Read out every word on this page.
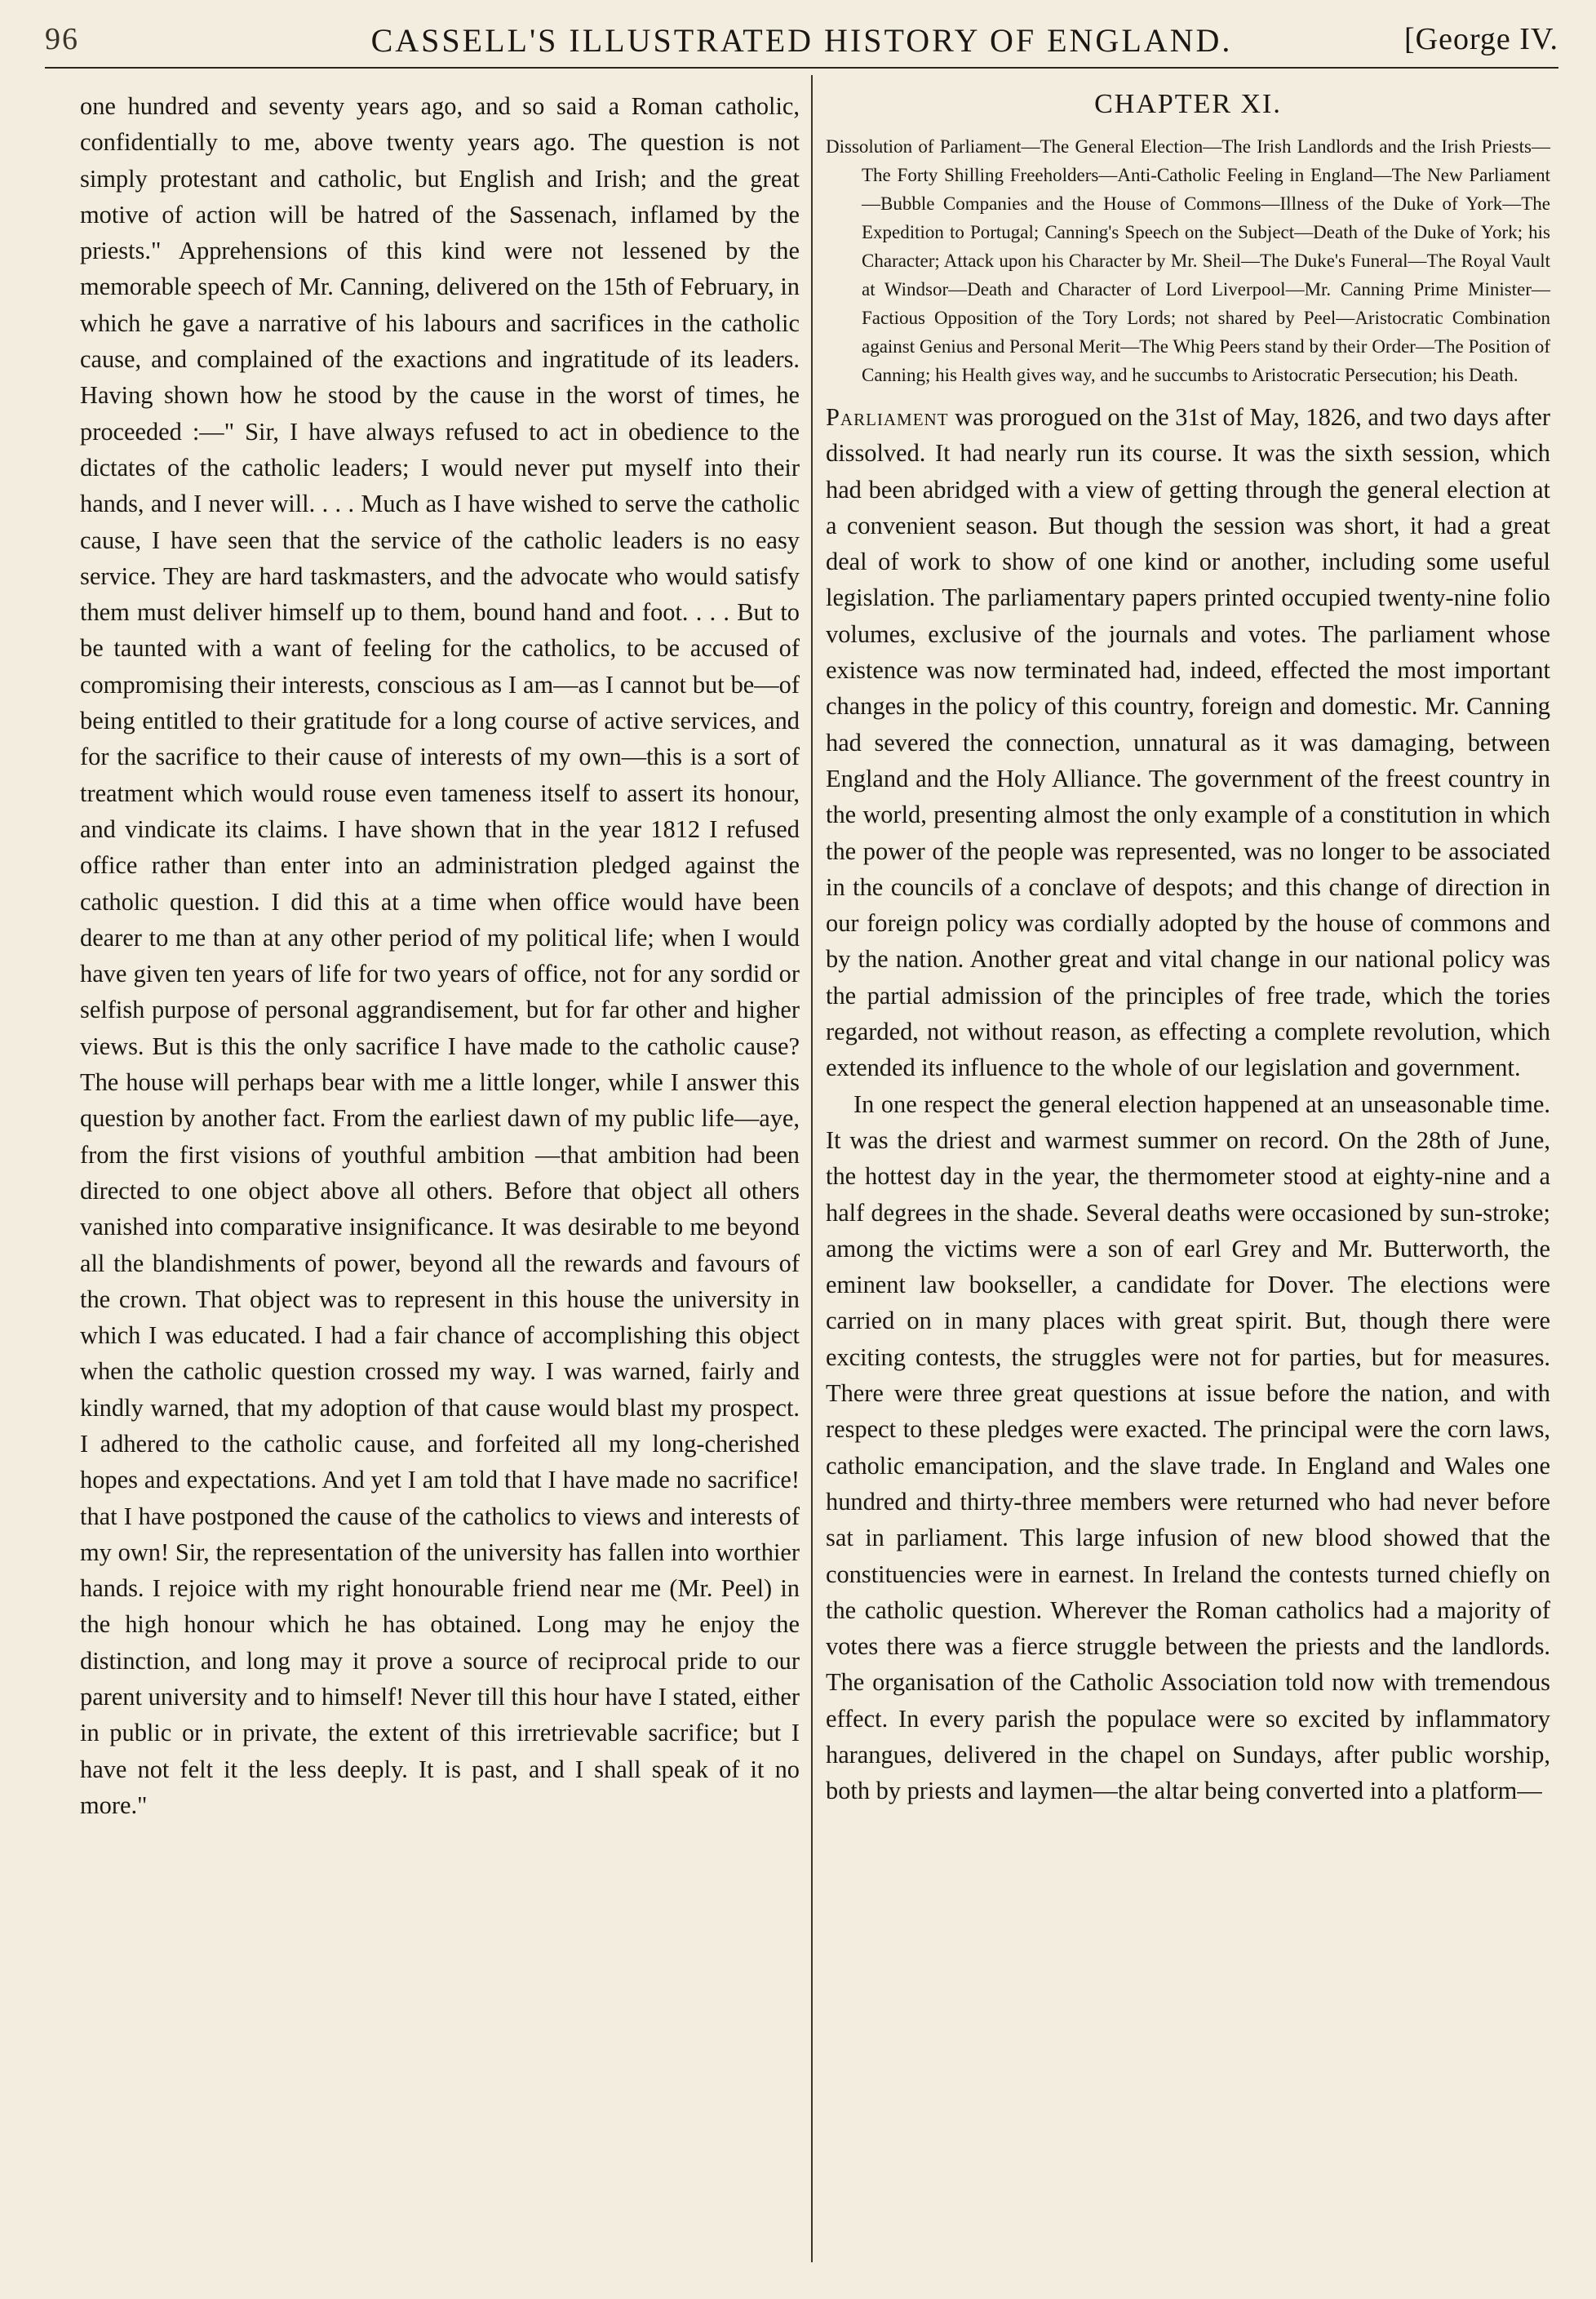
96	CASSELL'S ILLUSTRATED HISTORY OF ENGLAND.	[George IV.

one hundred and seventy years ago, and so said a Roman catholic, confidentially to me, above twenty years ago. The question is not simply protestant and catholic, but English and Irish; and the great motive of action will be hatred of the Sassenach, inflamed by the priests." Apprehensions of this kind were not lessened by the memorable speech of Mr. Canning, delivered on the 15th of February, in which he gave a narrative of his labours and sacrifices in the catholic cause, and complained of the exactions and ingratitude of its leaders. Having shown how he stood by the cause in the worst of times, he proceeded :—" Sir, I have always refused to act in obedience to the dictates of the catholic leaders; I would never put myself into their hands, and I never will. . . . Much as I have wished to serve the catholic cause, I have seen that the service of the catholic leaders is no easy service. They are hard taskmasters, and the advocate who would satisfy them must deliver himself up to them, bound hand and foot. . . . But to be taunted with a want of feeling for the catholics, to be accused of compromising their interests, conscious as I am—as I cannot but be—of being entitled to their gratitude for a long course of active services, and for the sacrifice to their cause of interests of my own—this is a sort of treatment which would rouse even tameness itself to assert its honour, and vindicate its claims. I have shown that in the year 1812 I refused office rather than enter into an administration pledged against the catholic question. I did this at a time when office would have been dearer to me than at any other period of my political life; when I would have given ten years of life for two years of office, not for any sordid or selfish purpose of personal aggrandisement, but for far other and higher views. But is this the only sacrifice I have made to the catholic cause? The house will perhaps bear with me a little longer, while I answer this question by another fact. From the earliest dawn of my public life—aye, from the first visions of youthful ambition —that ambition had been directed to one object above all others. Before that object all others vanished into comparative insignificance. It was desirable to me beyond all the blandishments of power, beyond all the rewards and favours of the crown. That object was to represent in this house the university in which I was educated. I had a fair chance of accomplishing this object when the catholic question crossed my way. I was warned, fairly and kindly warned, that my adoption of that cause would blast my prospect. I adhered to the catholic cause, and forfeited all my long-cherished hopes and expectations. And yet I am told that I have made no sacrifice! that I have postponed the cause of the catholics to views and interests of my own! Sir, the representation of the university has fallen into worthier hands. I rejoice with my right honourable friend near me (Mr. Peel) in the high honour which he has obtained. Long may he enjoy the distinction, and long may it prove a source of reciprocal pride to our parent university and to himself! Never till this hour have I stated, either in public or in private, the extent of this irretrievable sacrifice; but I have not felt it the less deeply. It is past, and I shall speak of it no more."

CHAPTER XI.

Dissolution of Parliament—The General Election—The Irish Landlords and the Irish Priests—The Forty Shilling Freeholders—Anti-Catholic Feeling in England—The New Parliament—Bubble Companies and the House of Commons—Illness of the Duke of York—The Expedition to Portugal; Canning's Speech on the Subject—Death of the Duke of York; his Character; Attack upon his Character by Mr. Sheil—The Duke's Funeral—The Royal Vault at Windsor—Death and Character of Lord Liverpool—Mr. Canning Prime Minister—Factious Opposition of the Tory Lords; not shared by Peel—Aristocratic Combination against Genius and Personal Merit—The Whig Peers stand by their Order—The Position of Canning; his Health gives way, and he succumbs to Aristocratic Persecution; his Death.

Parliament was prorogued on the 31st of May, 1826, and two days after dissolved. It had nearly run its course. It was the sixth session, which had been abridged with a view of getting through the general election at a convenient season. But though the session was short, it had a great deal of work to show of one kind or another, including some useful legislation. The parliamentary papers printed occupied twenty-nine folio volumes, exclusive of the journals and votes. The parliament whose existence was now terminated had, indeed, effected the most important changes in the policy of this country, foreign and domestic. Mr. Canning had severed the connection, unnatural as it was damaging, between England and the Holy Alliance. The government of the freest country in the world, presenting almost the only example of a constitution in which the power of the people was represented, was no longer to be associated in the councils of a conclave of despots; and this change of direction in our foreign policy was cordially adopted by the house of commons and by the nation. Another great and vital change in our national policy was the partial admission of the principles of free trade, which the tories regarded, not without reason, as effecting a complete revolution, which extended its influence to the whole of our legislation and government.

In one respect the general election happened at an unseasonable time. It was the driest and warmest summer on record. On the 28th of June, the hottest day in the year, the thermometer stood at eighty-nine and a half degrees in the shade. Several deaths were occasioned by sun-stroke; among the victims were a son of earl Grey and Mr. Butterworth, the eminent law bookseller, a candidate for Dover. The elections were carried on in many places with great spirit. But, though there were exciting contests, the struggles were not for parties, but for measures. There were three great questions at issue before the nation, and with respect to these pledges were exacted. The principal were the corn laws, catholic emancipation, and the slave trade. In England and Wales one hundred and thirty-three members were returned who had never before sat in parliament. This large infusion of new blood showed that the constituencies were in earnest. In Ireland the contests turned chiefly on the catholic question. Wherever the Roman catholics had a majority of votes there was a fierce struggle between the priests and the landlords. The organisation of the Catholic Association told now with tremendous effect. In every parish the populace were so excited by inflammatory harangues, delivered in the chapel on Sundays, after public worship, both by priests and laymen—the altar being converted into a platform—
